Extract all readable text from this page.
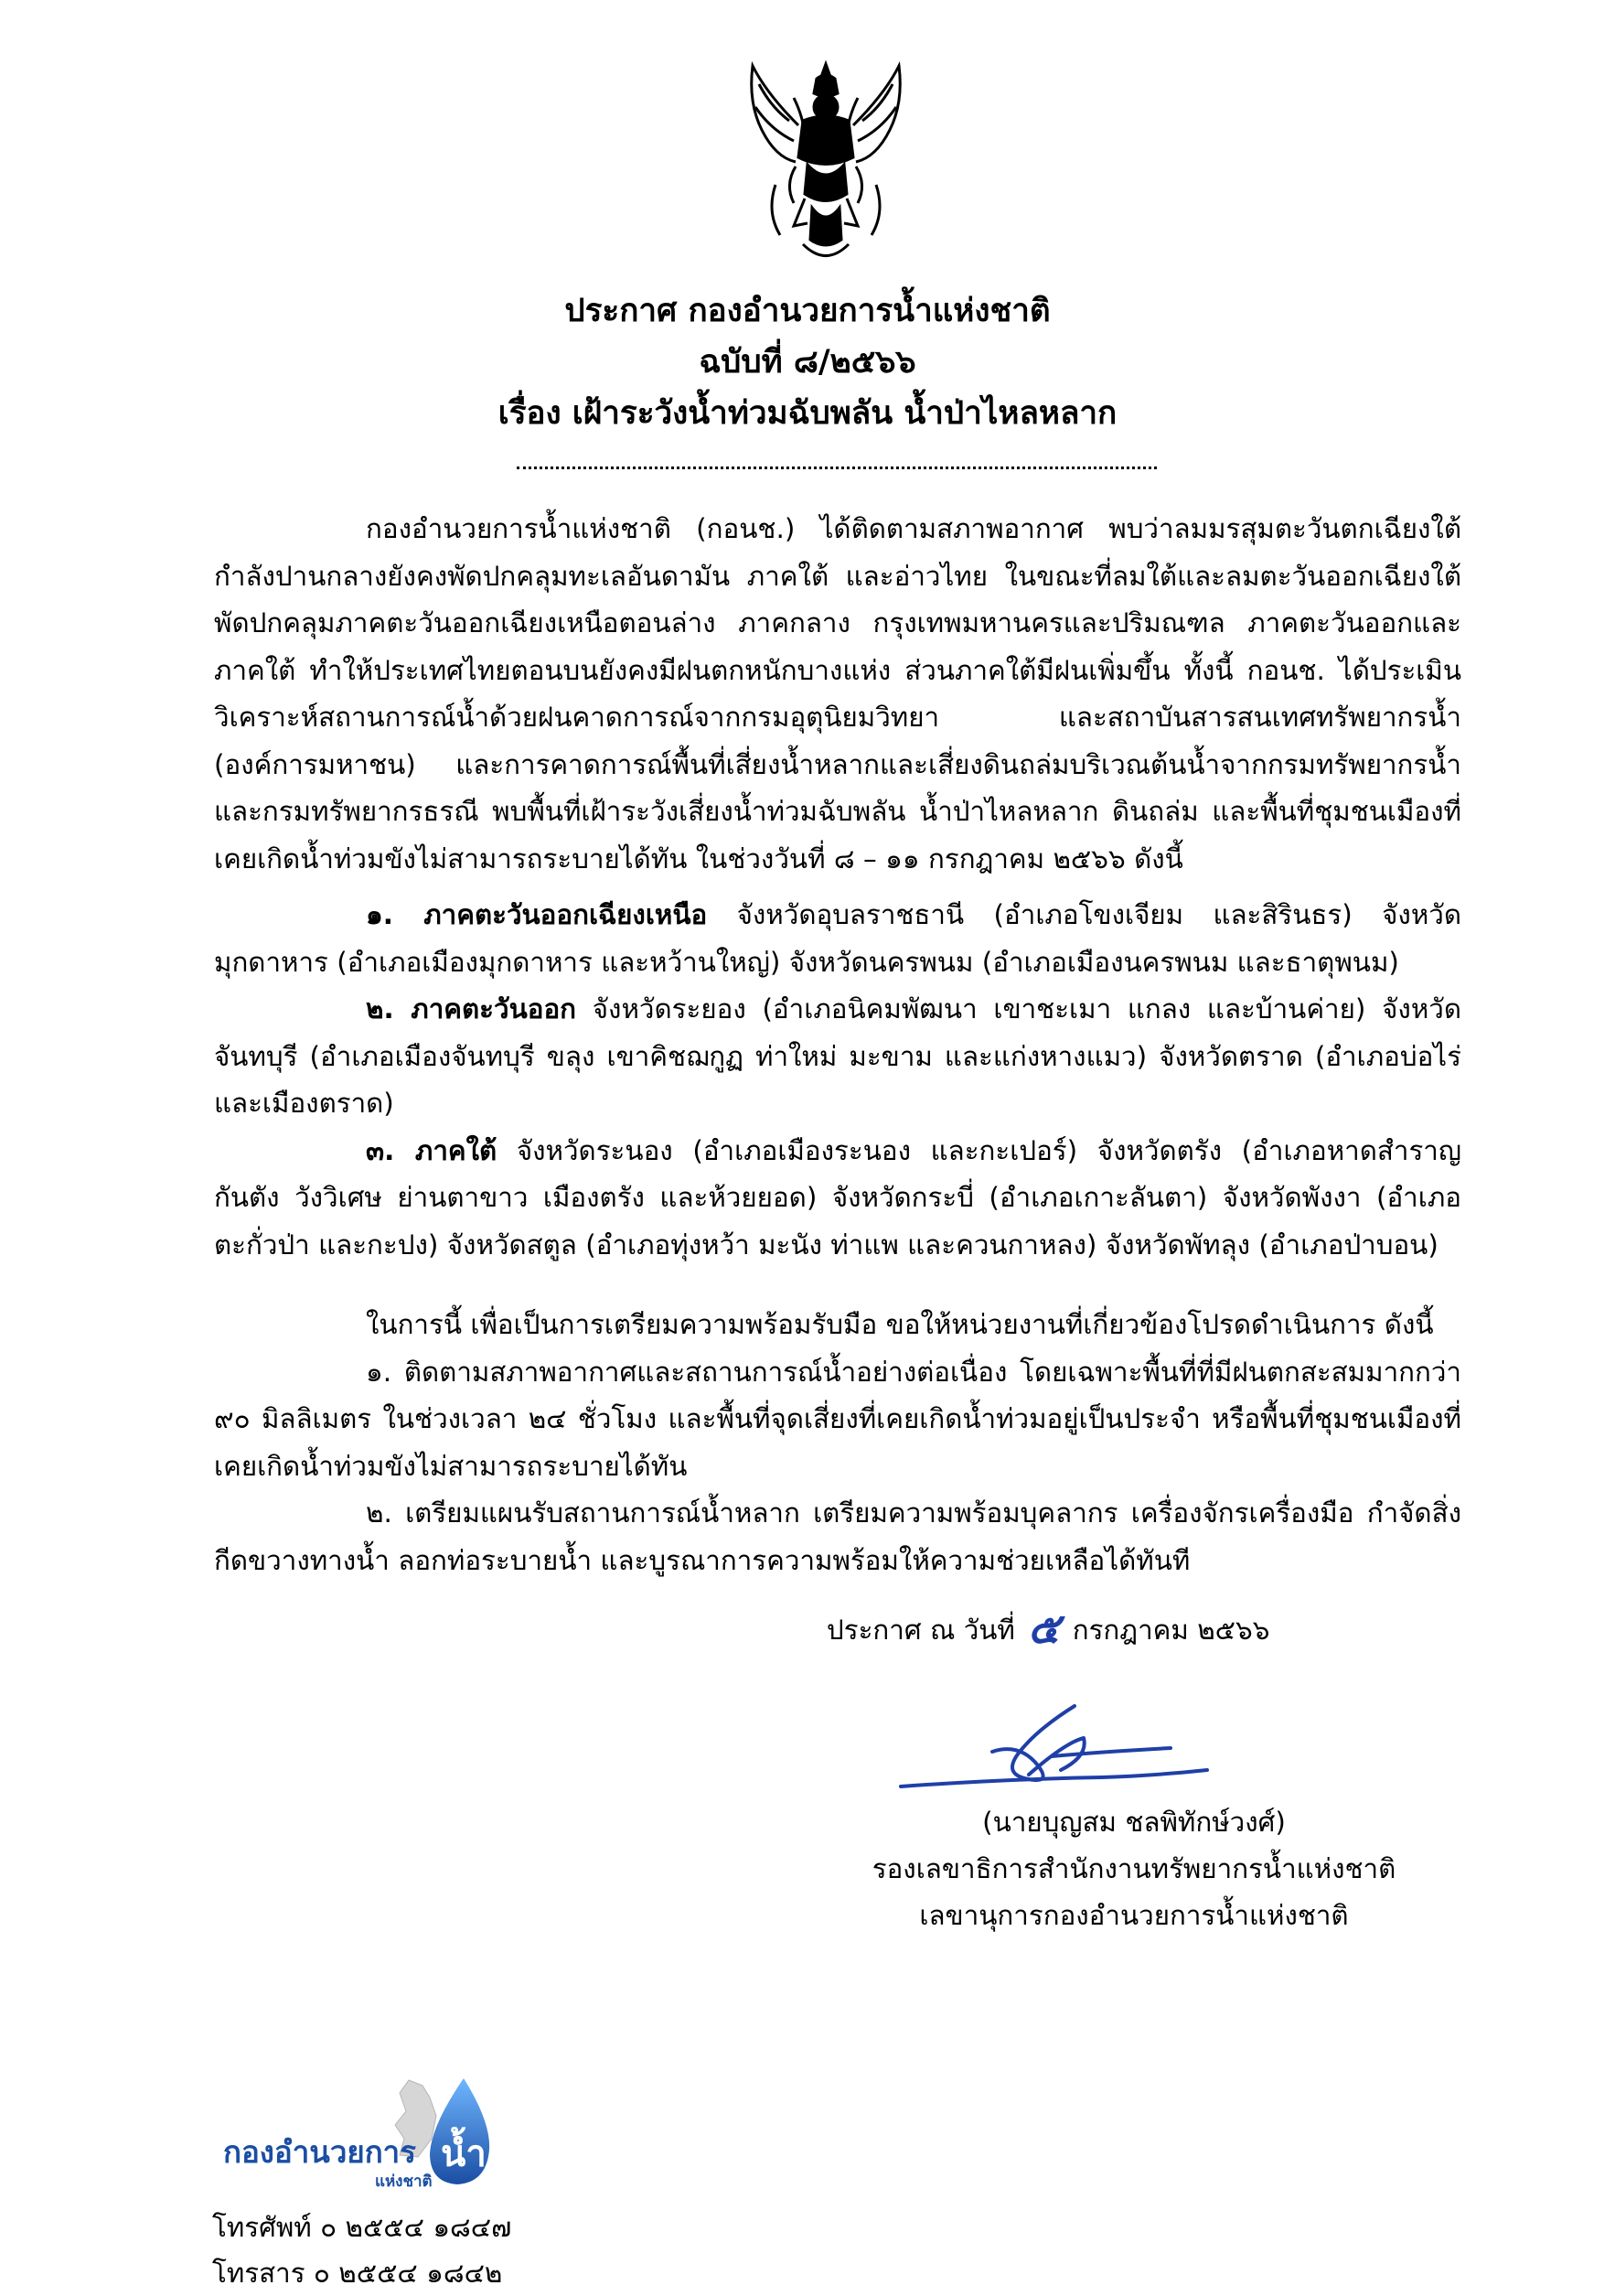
ประกาศ กองอำนวยการน้ำแห่งชาติ
ฉบับที่ ๘/๒๕๖๖
เรื่อง เฝ้าระวังน้ำท่วมฉับพลัน น้ำป่าไหลหลาก

กองอำนวยการน้ำแห่งชาติ (กอนช.) ได้ติดตามสภาพอากาศ พบว่าลมมรสุมตะวันตกเฉียงใต้กำลังปานกลางยังคงพัดปกคลุมทะเลอันดามัน ภาคใต้ และอ่าวไทย ในขณะที่ลมใต้และลมตะวันออกเฉียงใต้พัดปกคลุมภาคตะวันออกเฉียงเหนือตอนล่าง ภาคกลาง กรุงเทพมหานครและปริมณฑล ภาคตะวันออกและภาคใต้ ทำให้ประเทศไทยตอนบนยังคงมีฝนตกหนักบางแห่ง ส่วนภาคใต้มีฝนเพิ่มขึ้น ทั้งนี้ กอนช. ได้ประเมินวิเคราะห์สถานการณ์น้ำด้วยฝนคาดการณ์จากกรมอุตุนิยมวิทยา และสถาบันสารสนเทศทรัพยากรน้ำ (องค์การมหาชน) และการคาดการณ์พื้นที่เสี่ยงน้ำหลากและเสี่ยงดินถล่มบริเวณต้นน้ำจากกรมทรัพยากรน้ำและกรมทรัพยากรธรณี พบพื้นที่เฝ้าระวังเสี่ยงน้ำท่วมฉับพลัน น้ำป่าไหลหลาก ดินถล่ม และพื้นที่ชุมชนเมืองที่เคยเกิดน้ำท่วมขังไม่สามารถระบายได้ทัน ในช่วงวันที่ ๘ – ๑๑ กรกฎาคม ๒๕๖๖ ดังนี้

๑. ภาคตะวันออกเฉียงเหนือ จังหวัดอุบลราชธานี (อำเภอโขงเจียม และสิรินธร) จังหวัดมุกดาหาร (อำเภอเมืองมุกดาหาร และหว้านใหญ่) จังหวัดนครพนม (อำเภอเมืองนครพนม และธาตุพนม)

๒. ภาคตะวันออก จังหวัดระยอง (อำเภอนิคมพัฒนา เขาชะเมา แกลง และบ้านค่าย) จังหวัดจันทบุรี (อำเภอเมืองจันทบุรี ขลุง เขาคิชฌกูฏ ท่าใหม่ มะขาม และแก่งหางแมว) จังหวัดตราด (อำเภอบ่อไร่ และเมืองตราด)

๓. ภาคใต้ จังหวัดระนอง (อำเภอเมืองระนอง และกะเปอร์) จังหวัดตรัง (อำเภอหาดสำราญ กันตัง วังวิเศษ ย่านตาขาว เมืองตรัง และห้วยยอด) จังหวัดกระบี่ (อำเภอเกาะลันตา) จังหวัดพังงา (อำเภอตะกั่วป่า และกะปง) จังหวัดสตูล (อำเภอทุ่งหว้า มะนัง ท่าแพ และควนกาหลง) จังหวัดพัทลุง (อำเภอป่าบอน)

ในการนี้ เพื่อเป็นการเตรียมความพร้อมรับมือ ขอให้หน่วยงานที่เกี่ยวข้องโปรดดำเนินการ ดังนี้

๑. ติดตามสภาพอากาศและสถานการณ์น้ำอย่างต่อเนื่อง โดยเฉพาะพื้นที่ที่มีฝนตกสะสมมากกว่า ๙๐ มิลลิเมตร ในช่วงเวลา ๒๔ ชั่วโมง และพื้นที่จุดเสี่ยงที่เคยเกิดน้ำท่วมอยู่เป็นประจำ หรือพื้นที่ชุมชนเมืองที่เคยเกิดน้ำท่วมขังไม่สามารถระบายได้ทัน

๒. เตรียมแผนรับสถานการณ์น้ำหลาก เตรียมความพร้อมบุคลากร เครื่องจักรเครื่องมือ กำจัดสิ่งกีดขวางทางน้ำ ลอกท่อระบายน้ำ และบูรณาการความพร้อมให้ความช่วยเหลือได้ทันที

ประกาศ ณ วันที่ ๕ กรกฎาคม ๒๕๖๖
(นายบุญสม ชลพิทักษ์วงศ์)
รองเลขาธิการสำนักงานทรัพยากรน้ำแห่งชาติ
เลขานุการกองอำนวยการน้ำแห่งชาติ
กองอำนวยการ
แห่งชาติ
น้ำ
โทรศัพท์ ๐ ๒๕๕๔ ๑๘๔๗
โทรสาร ๐ ๒๕๕๔ ๑๘๔๒
